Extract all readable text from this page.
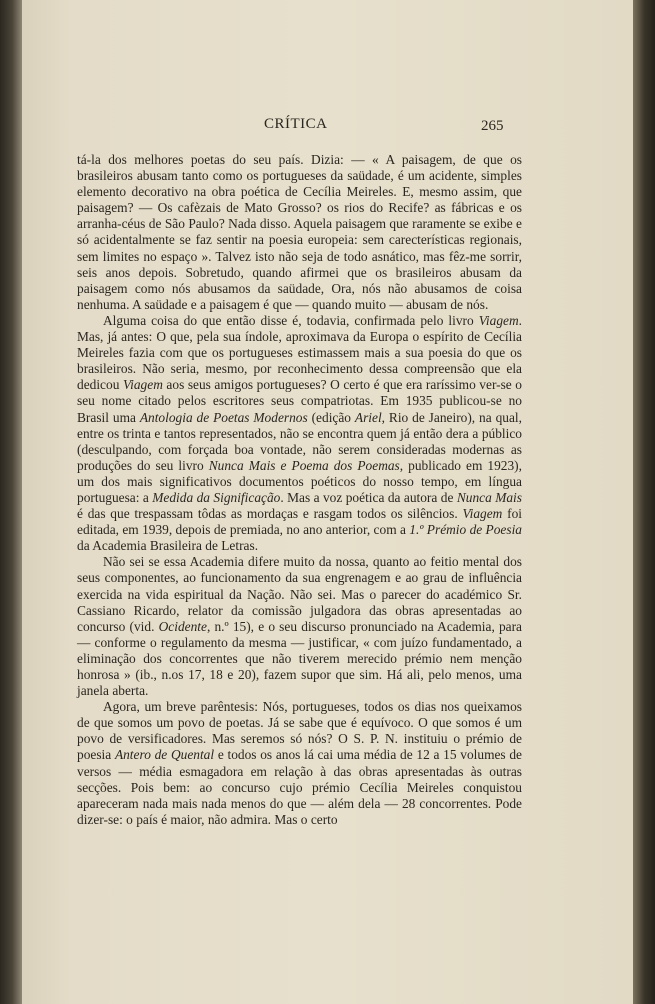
CRÍTICA	265

tá-la dos melhores poetas do seu país. Dizia: — « A paisagem, de que os brasileiros abusam tanto como os portugueses da saüdade, é um acidente, simples elemento decorativo na obra poética de Cecília Meireles. E, mesmo assim, que paisagem? — Os cafèzais de Mato Grosso? os rios do Recife? as fábricas e os arranha-céus de São Paulo? Nada disso. Aquela paisagem que raramente se exibe e só acidentalmente se faz sentir na poesia europeia: sem carecterísticas regionais, sem limites no espaço ». Talvez isto não seja de todo asnático, mas fêz-me sorrir, seis anos depois. Sobretudo, quando afirmei que os brasileiros abusam da paisagem como nós abusamos da saüdade, Ora, nós não abusamos de coisa nenhuma. A saüdade e a paisagem é que — quando muito — abusam de nós.

Alguma coisa do que então disse é, todavia, confirmada pelo livro Viagem. Mas, já antes: O que, pela sua índole, aproximava da Europa o espírito de Cecília Meireles fazia com que os portugueses estimassem mais a sua poesia do que os brasileiros. Não seria, mesmo, por reconhecimento dessa compreensão que ela dedicou Viagem aos seus amigos portugueses? O certo é que era raríssimo ver-se o seu nome citado pelos escritores seus compatriotas. Em 1935 publicou-se no Brasil uma Antologia de Poetas Modernos (edição Ariel, Rio de Janeiro), na qual, entre os trinta e tantos representados, não se encontra quem já então dera a público (desculpando, com forçada boa vontade, não serem consideradas modernas as produções do seu livro Nunca Mais e Poema dos Poemas, publicado em 1923), um dos mais significativos documentos poéticos do nosso tempo, em língua portuguesa: a Medida da Significação. Mas a voz poética da autora de Nunca Mais é das que trespassam tôdas as mordaças e rasgam todos os silêncios. Viagem foi editada, em 1939, depois de premiada, no ano anterior, com a 1.º Prémio de Poesia da Academia Brasileira de Letras.

Não sei se essa Academia difere muito da nossa, quanto ao feitio mental dos seus componentes, ao funcionamento da sua engrenagem e ao grau de influência exercida na vida espiritual da Nação. Não sei. Mas o parecer do académico Sr. Cassiano Ricardo, relator da comissão julgadora das obras apresentadas ao concurso (vid. Ocidente, n.º 15), e o seu discurso pronunciado na Academia, para — conforme o regulamento da mesma — justificar, « com juízo fundamentado, a eliminação dos concorrentes que não tiverem merecido prémio nem menção honrosa » (ib., n.os 17, 18 e 20), fazem supor que sim. Há ali, pelo menos, uma janela aberta.

Agora, um breve parêntesis: Nós, portugueses, todos os dias nos queixamos de que somos um povo de poetas. Já se sabe que é equívoco. O que somos é um povo de versificadores. Mas seremos só nós? O S. P. N. instituiu o prémio de poesia Antero de Quental e todos os anos lá cai uma média de 12 a 15 volumes de versos — média esmagadora em relação à das obras apresentadas às outras secções. Pois bem: ao concurso cujo prémio Cecília Meireles conquistou apareceram nada mais nada menos do que — além dela — 28 concorrentes. Pode dizer-se: o país é maior, não admira. Mas o certo
